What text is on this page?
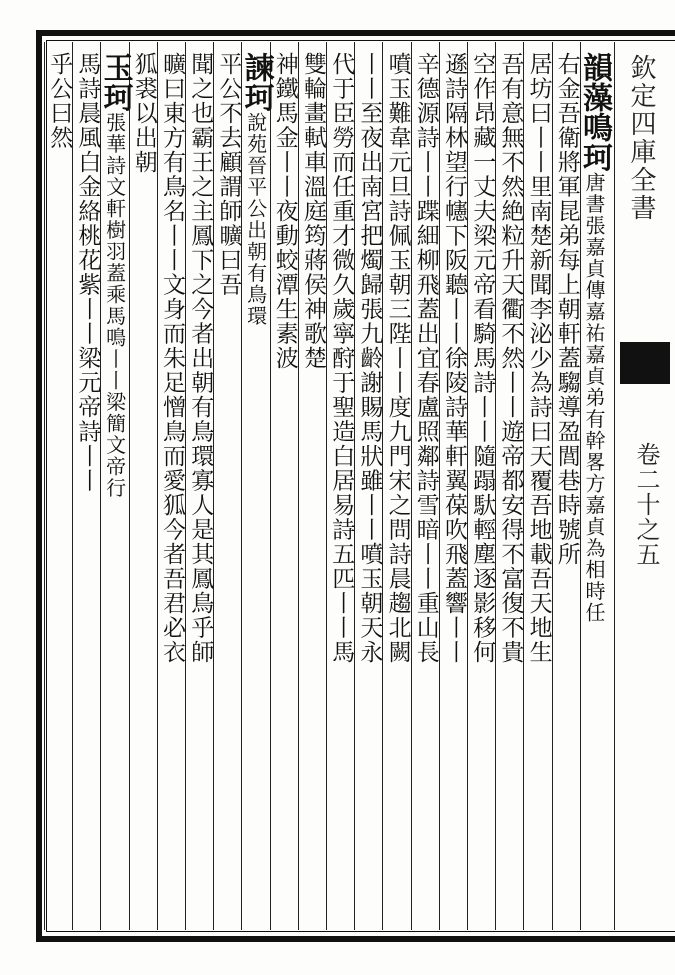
欽定四庫全書
卷二十之五
韻藻鳴珂唐書張嘉貞傳嘉祐嘉貞弟有幹畧方嘉貞為相時任
右金吾衛將軍昆弟每上朝軒蓋騶導盈閭巷時號所
居坊曰丨丨里南楚新聞李泌少為詩曰天覆吾地載吾天地生
吾有意無不然絶粒升天衢不然丨丨遊帝都安得不富復不貴
空作昂藏一丈夫梁元帝看騎馬詩丨丨隨蹋馱輕塵逐影移何
遜詩隔林望行幰下阪聽丨丨徐陵詩華軒翼葆吹飛蓋響丨丨
辛德源詩丨丨蹀細柳飛蓋出宜春盧照鄰詩雪暗丨丨重山長
噴玉難韋元旦詩佩玉朝三陛丨丨度九門宋之問詩晨趨北闕
丨丨至夜出南宮把燭歸張九齡謝賜馬狀雖丨丨噴玉朝天永
代于臣勞而任重才微久歲寧酧于聖造白居易詩五匹丨丨馬
雙輪畫軾車溫庭筠蔣侯神歌楚
神鐵馬金丨丨夜動蛟潭生素波
諫珂說苑晉平公出朝有鳥環
平公不去顧謂師曠曰吾
聞之也霸王之主鳳下之今者出朝有鳥環寡人是其鳳鳥乎師
曠曰東方有鳥名丨丨文身而朱足憎鳥而愛狐今者吾君必衣
狐裘以出朝
玉珂張華詩文軒樹羽蓋乘馬鳴丨丨梁簡文帝行
馬詩晨風白金絡桃花紫丨丨梁元帝詩丨丨
乎公曰然
